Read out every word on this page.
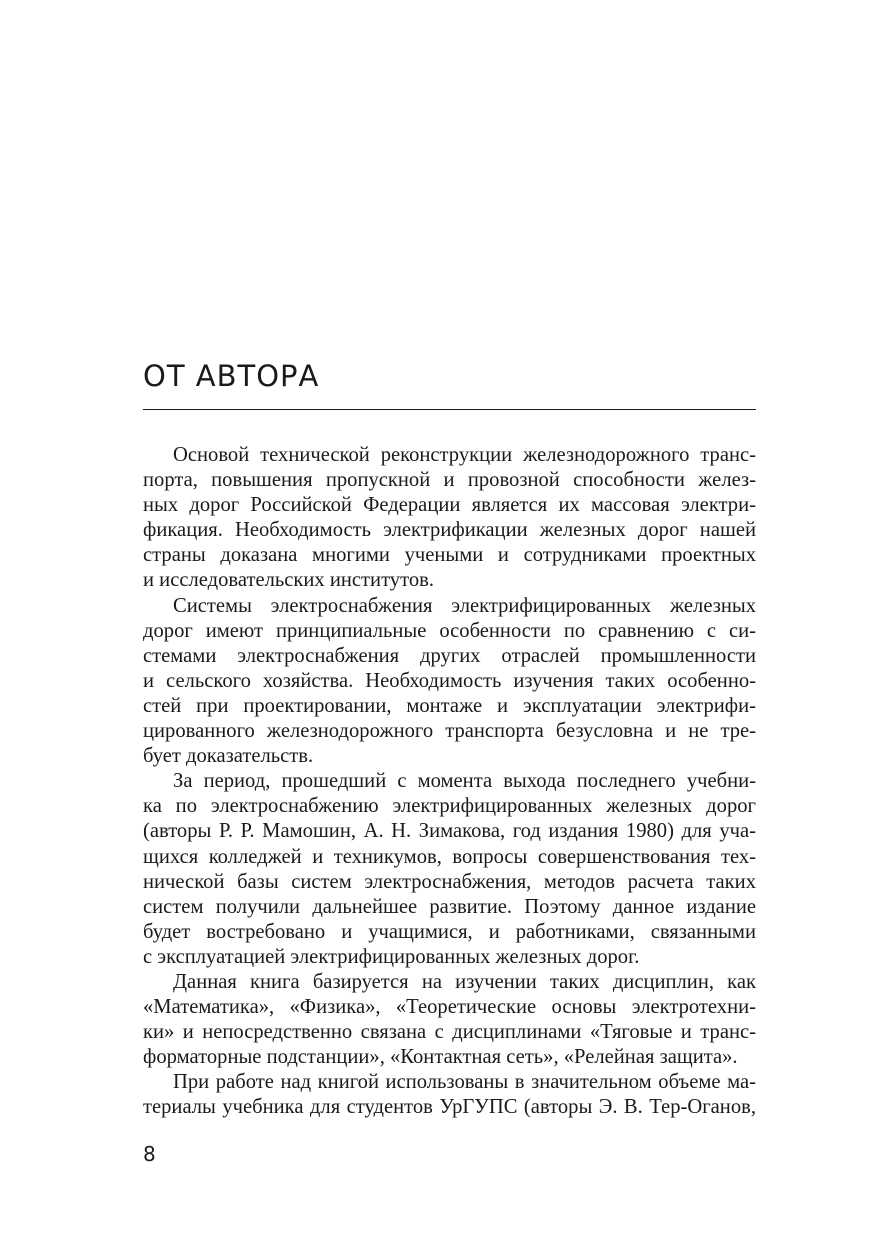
ОТ АВТОРА

Основой технической реконструкции железнодорожного транс-
порта, повышения пропускной и провозной способности желез-
ных дорог Российской Федерации является их массовая электри-
фикация. Необходимость электрификации железных дорог нашей
страны доказана многими учеными и сотрудниками проектных
и исследовательских институтов.

Системы электроснабжения электрифицированных железных
дорог имеют принципиальные особенности по сравнению с си-
стемами электроснабжения других отраслей промышленности
и сельского хозяйства. Необходимость изучения таких особенно-
стей при проектировании, монтаже и эксплуатации электрифи-
цированного железнодорожного транспорта безусловна и не тре-
бует доказательств.

За период, прошедший с момента выхода последнего учебни-
ка по электроснабжению электрифицированных железных дорог
(авторы Р. Р. Мамошин, А. Н. Зимакова, год издания 1980) для уча-
щихся колледжей и техникумов, вопросы совершенствования тех-
нической базы систем электроснабжения, методов расчета таких
систем получили дальнейшее развитие. Поэтому данное издание
будет востребовано и учащимися, и работниками, связанными
с эксплуатацией электрифицированных железных дорог.

Данная книга базируется на изучении таких дисциплин, как
«Математика», «Физика», «Теоретические основы электротехни-
ки» и непосредственно связана с дисциплинами «Тяговые и транс-
форматорные подстанции», «Контактная сеть», «Релейная защита».

При работе над книгой использованы в значительном объеме ма-
териалы учебника для студентов УрГУПС (авторы Э. В. Тер-Оганов,

8
